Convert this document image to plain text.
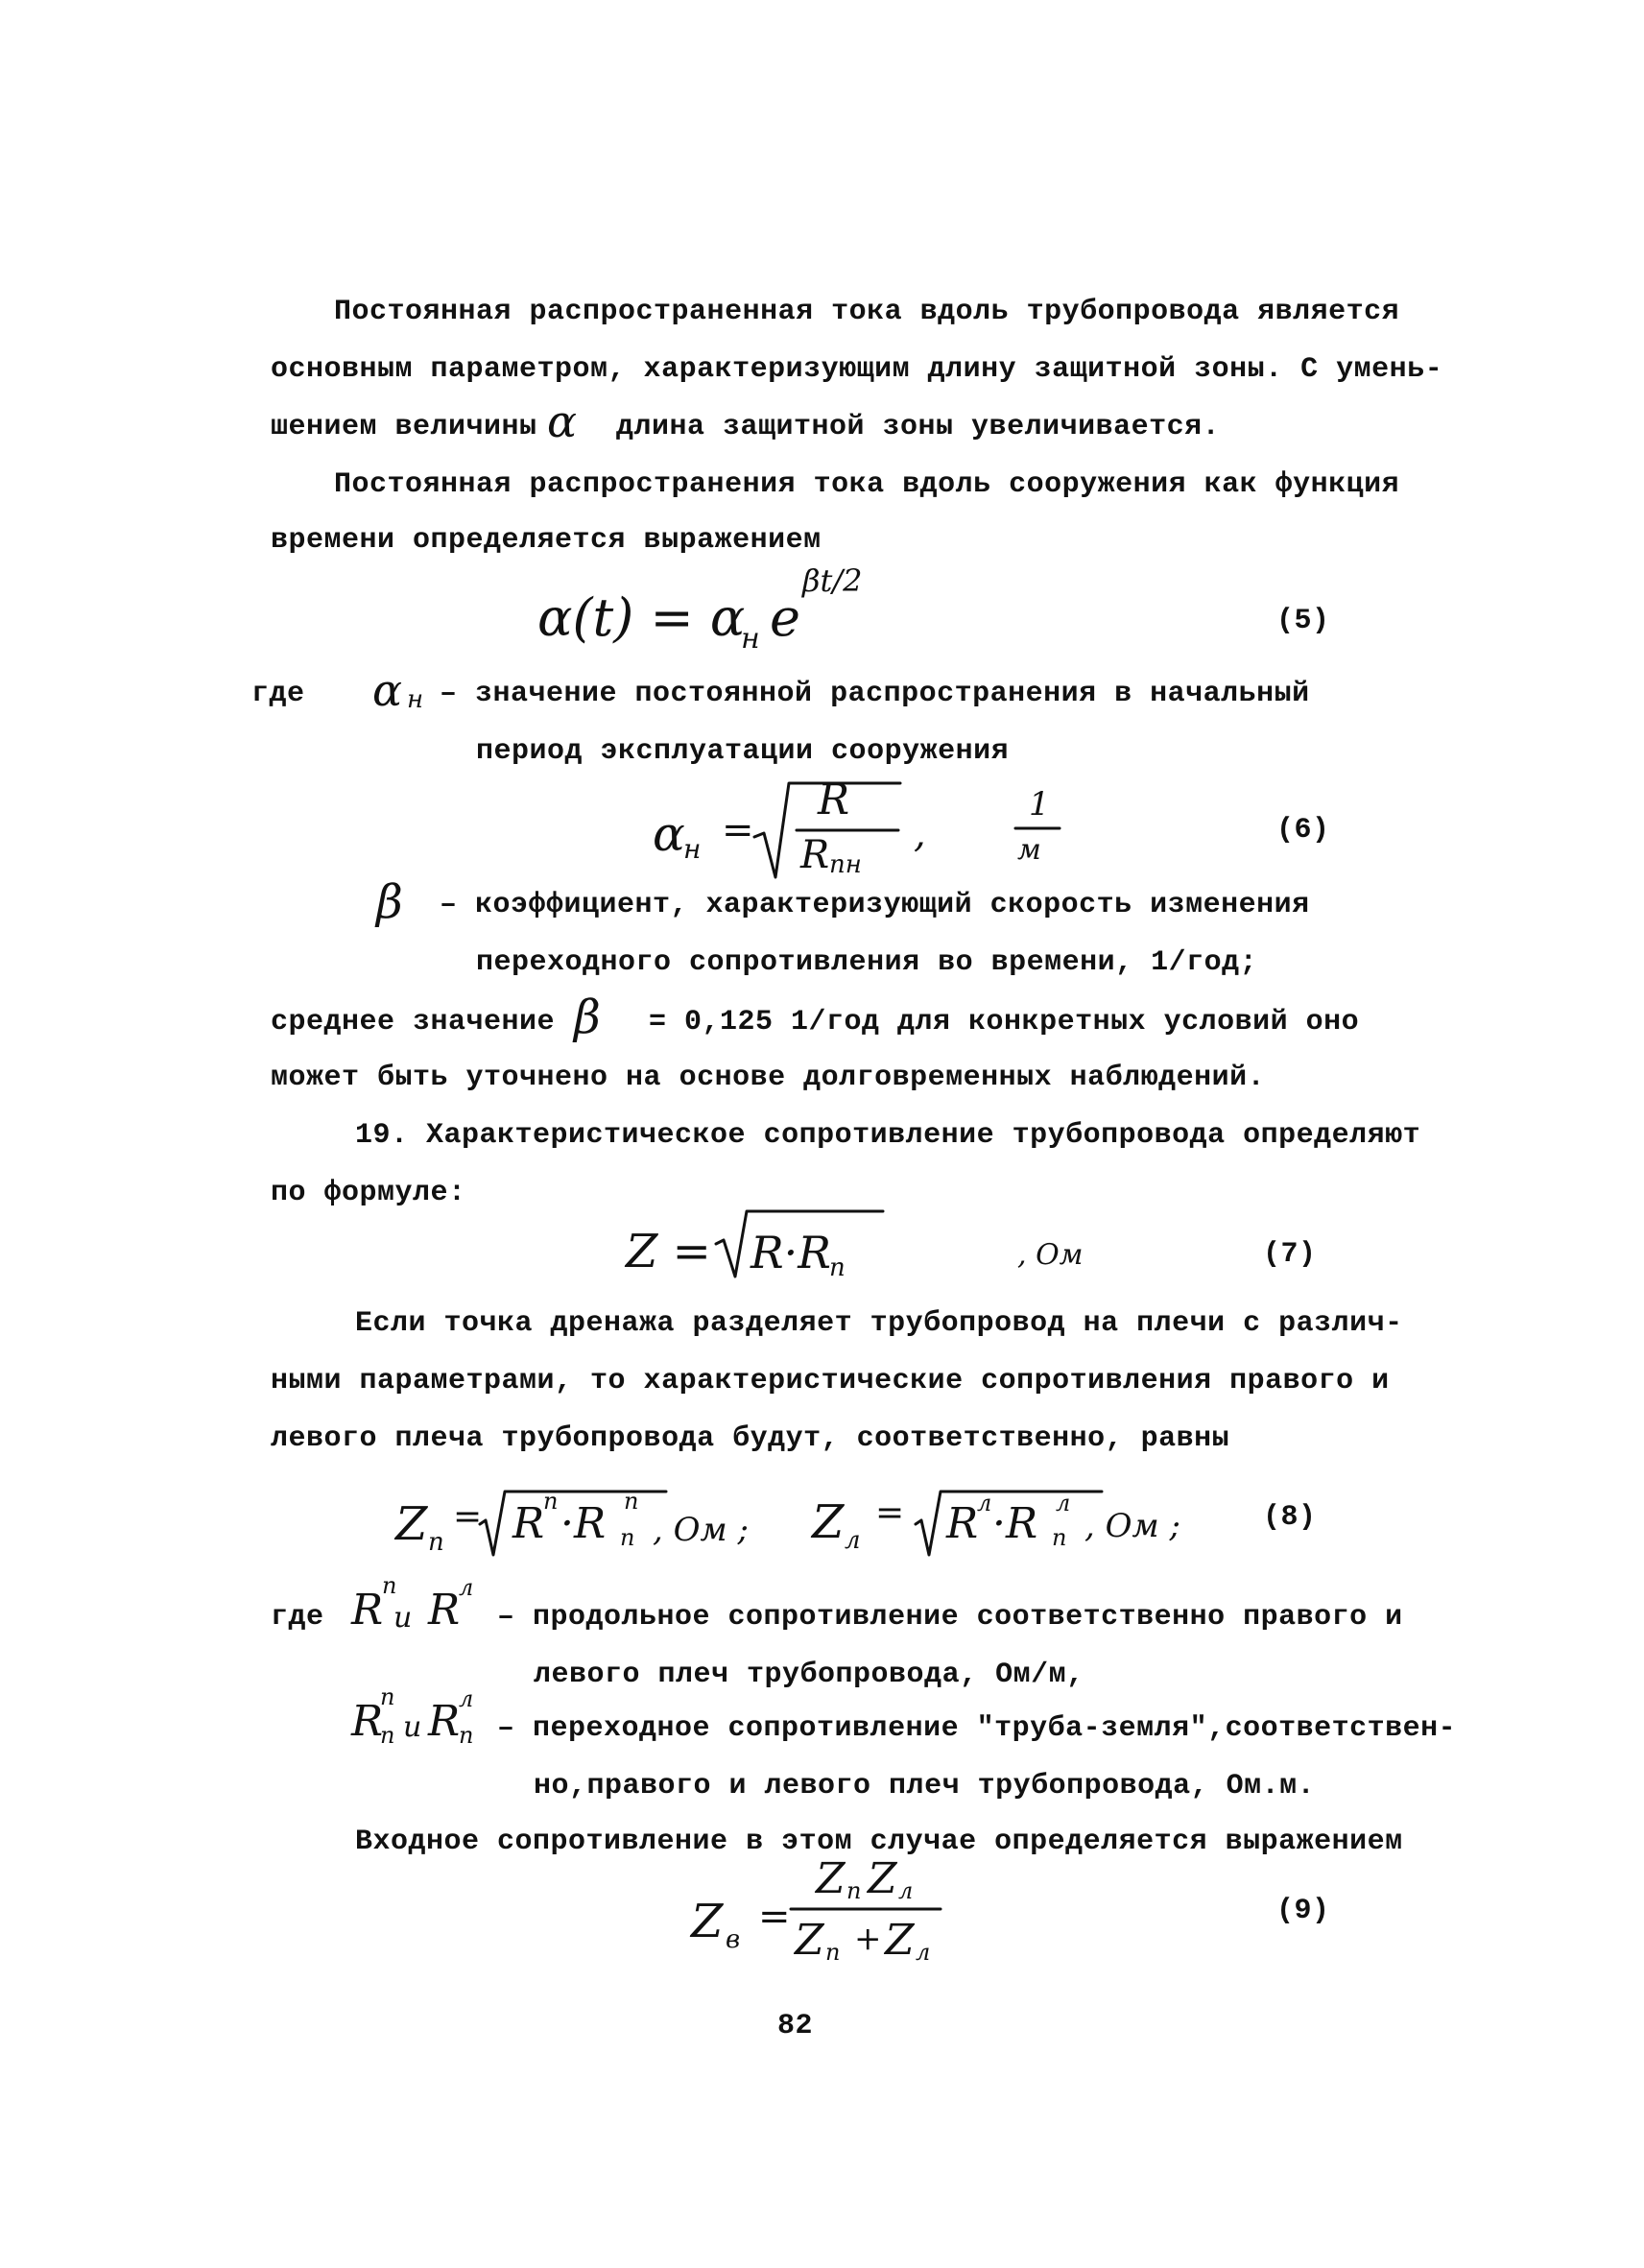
Постоянная распространенная тока вдоль трубопровода является
основным параметром, характеризующим длину защитной зоны. С умень-
шением величины α длина защитной зоны увеличивается.
Постоянная распространения тока вдоль сооружения как функция
времени определяется выражением
α(t) = α
н e
βt/2
(5)
где α н – значение постоянной распространения в начальный
период эксплуатации сооружения
α
н =
R
R пн
,
1
м
(6)
β – коэффициент, характеризующий скорость изменения
переходного сопротивления во времени, 1/год;
среднее значение β = 0,125 1/год для конкретных условий оно
может быть уточнено на основе долговременных наблюдений.
19. Характеристическое сопротивление трубопровода определяют
по формуле:
Z = R·R
п	, Ом	(7)
Если точка дренажа разделяет трубопровод на плечи с различ-
ными параметрами, то характеристические сопротивления правого и
левого плеча трубопровода будут, соответственно, равны
Z п
= R
п ·R п
п , Ом ; Z л
= R
л ·R л
п , Ом ;	(8)
где R
п
и R
л
– продольное сопротивление соответственно правого и
левого плеч трубопровода, Ом/м,
R
п
п и R
л
п – переходное сопротивление "труба-земля",соответствен-
но,правого и левого плеч трубопровода, Ом.м.
Входное сопротивление в этом случае определяется выражением
Z в
=
Z п Z л
Z п + Z л
(9)
82
